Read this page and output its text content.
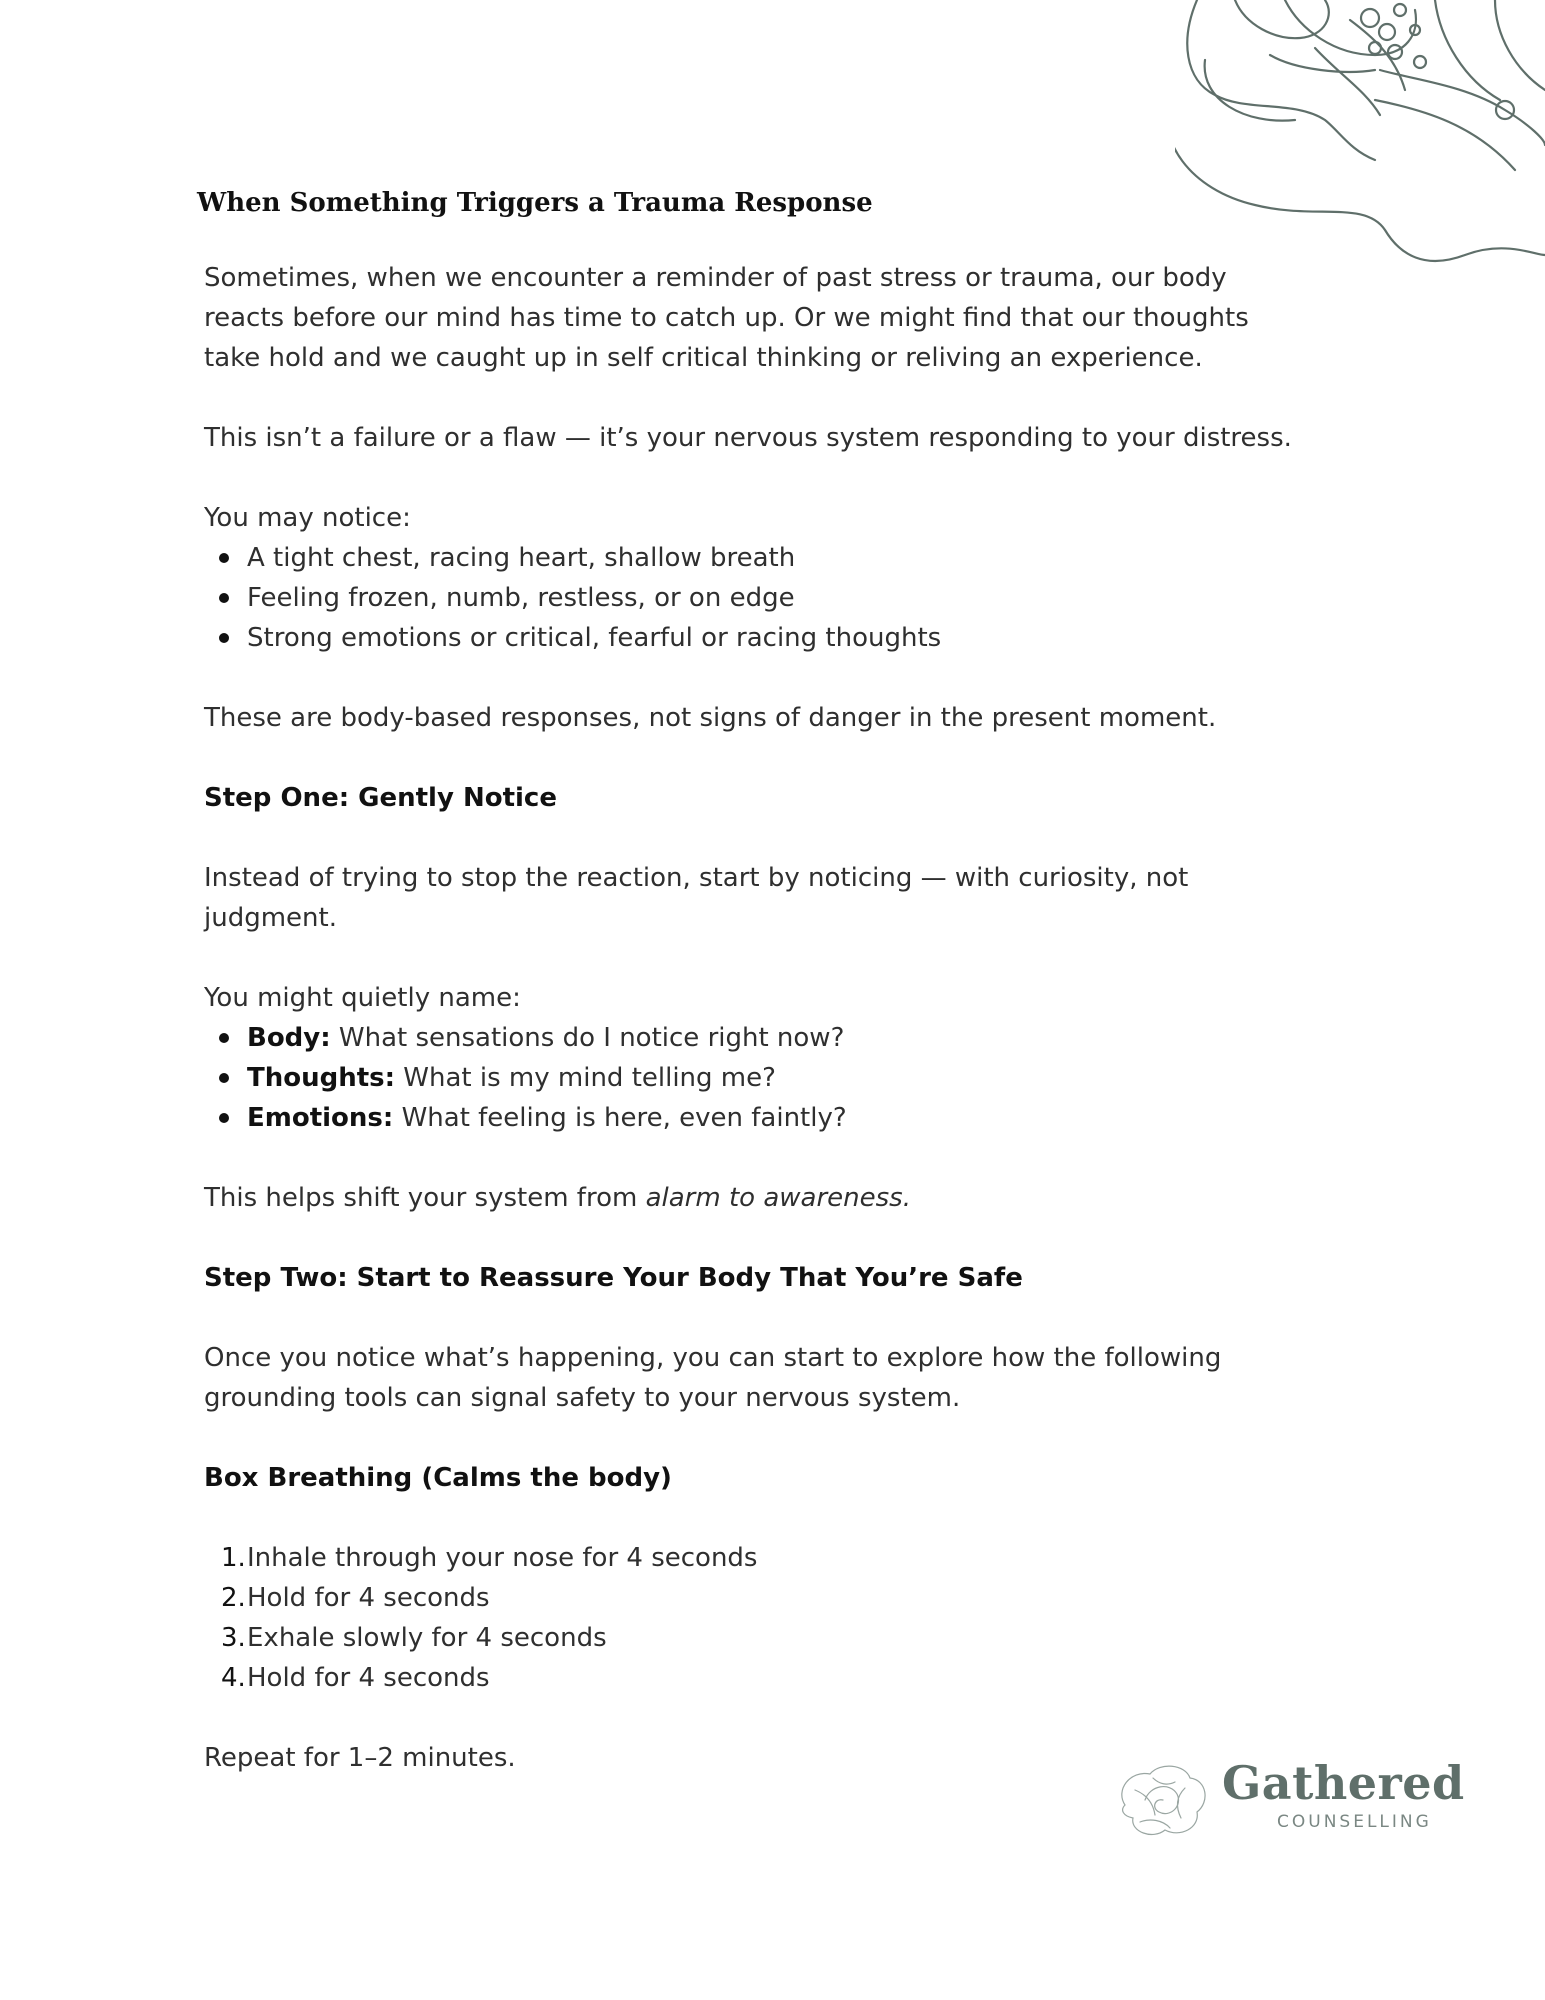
When Something Triggers a Trauma Response

Sometimes, when we encounter a reminder of past stress or trauma, our body reacts before our mind has time to catch up. Or we might find that our thoughts take hold and we caught up in self critical thinking or reliving an experience.

This isn’t a failure or a flaw — it’s your nervous system responding to your distress.

You may notice:

A tight chest, racing heart, shallow breath
Feeling frozen, numb, restless, or on edge
Strong emotions or critical, fearful or racing thoughts

These are body-based responses, not signs of danger in the present moment.

Step One: Gently Notice

Instead of trying to stop the reaction, start by noticing — with curiosity, not judgment.

You might quietly name:

Body: What sensations do I notice right now?
Thoughts: What is my mind telling me?
Emotions: What feeling is here, even faintly?

This helps shift your system from alarm to awareness.

Step Two: Start to Reassure Your Body That You’re Safe

Once you notice what’s happening, you can start to explore how the following grounding tools can signal safety to your nervous system.

Box Breathing (Calms the body)
1. Inhale through your nose for 4 seconds
2. Hold for 4 seconds
3. Exhale slowly for 4 seconds
4. Hold for 4 seconds

Repeat for 1–2 minutes.	Gathered
COUNSELLING
